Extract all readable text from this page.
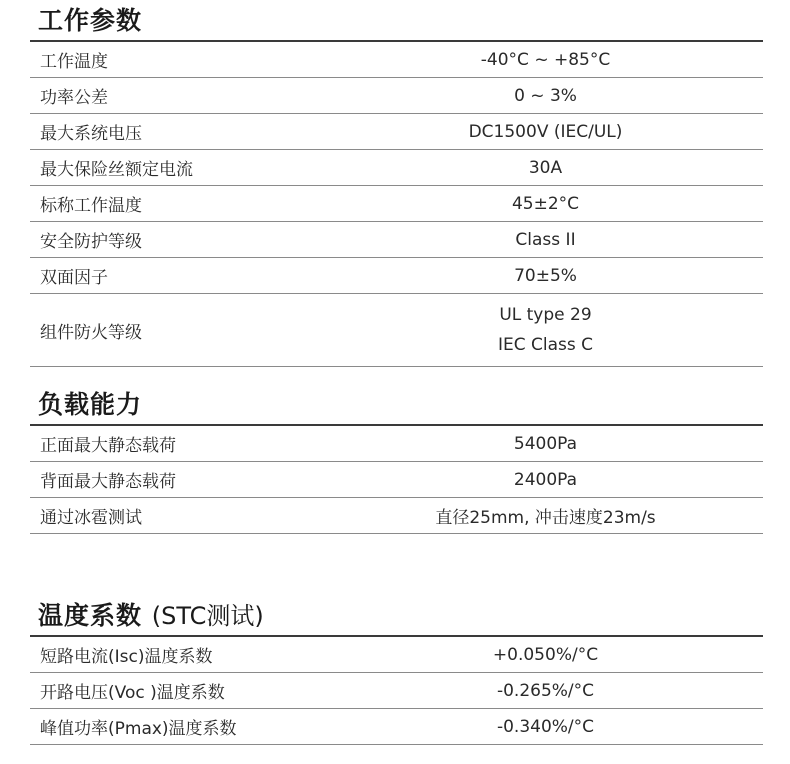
工作参数
工作温度	-40°C ~ +85°C
功率公差	0 ~ 3%
最大系统电压	DC1500V (IEC/UL)
最大保险丝额定电流	30A
标称工作温度	45±2°C
安全防护等级	Class II
双面因子	70±5%
组件防火等级	UL type 29
IEC Class C
负载能力
正面最大静态载荷	5400Pa
背面最大静态载荷	2400Pa
通过冰雹测试	直径25mm, 冲击速度23m/s
温度系数 (STC测试)
短路电流(Isc)温度系数	+0.050%/°C
开路电压(Voc )温度系数	-0.265%/°C
峰值功率(Pmax)温度系数	-0.340%/°C
